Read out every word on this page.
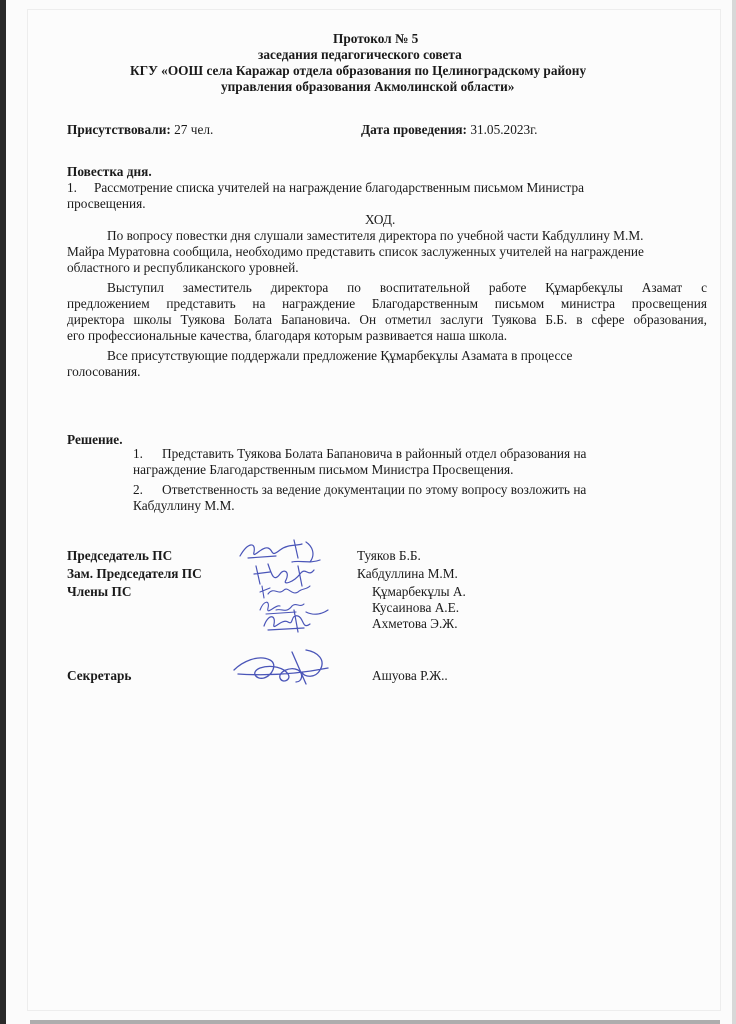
Протокол № 5
заседания педагогического совета
КГУ «ООШ села Каражар отдела образования по Целиноградскому району
управления образования Акмолинской области»
Присутствовали: 27 чел.	Дата проведения: 31.05.2023г.
Повестка дня.
1. Рассмотрение списка учителей на награждение благодарственным письмом Министра
просвещения.
ХОД.
По вопросу повестки дня слушали заместителя директора по учебной части Кабдуллину М.М.
Майра Муратовна сообщила, необходимо представить список заслуженных учителей на награждение
областного и республиканского уровней.
Выступил заместитель директора по воспитательной работе Құмарбекұлы Азамат с
предложением представить на награждение Благодарственным письмом министра просвещения
директора школы Туякова Болата Бапановича. Он отметил заслуги Туякова Б.Б. в сфере образования,
его профессиональные качества, благодаря которым развивается наша школа.
Все присутствующие поддержали предложение Құмарбекұлы Азамата в процессе
голосования.
Решение.
1. Представить Туякова Болата Бапановича в районный отдел образования на
награждение Благодарственным письмом Министра Просвещения.
2. Ответственность за ведение документации по этому вопросу возложить на
Кабдуллину М.М.
Председатель ПС	Туяков Б.Б.
Зам. Председателя ПС	Кабдуллина М.М.
Члены ПС	Құмарбекұлы А.
Кусаинова А.Е.
Ахметова Э.Ж.
Секретарь	Ашуова Р.Ж..
